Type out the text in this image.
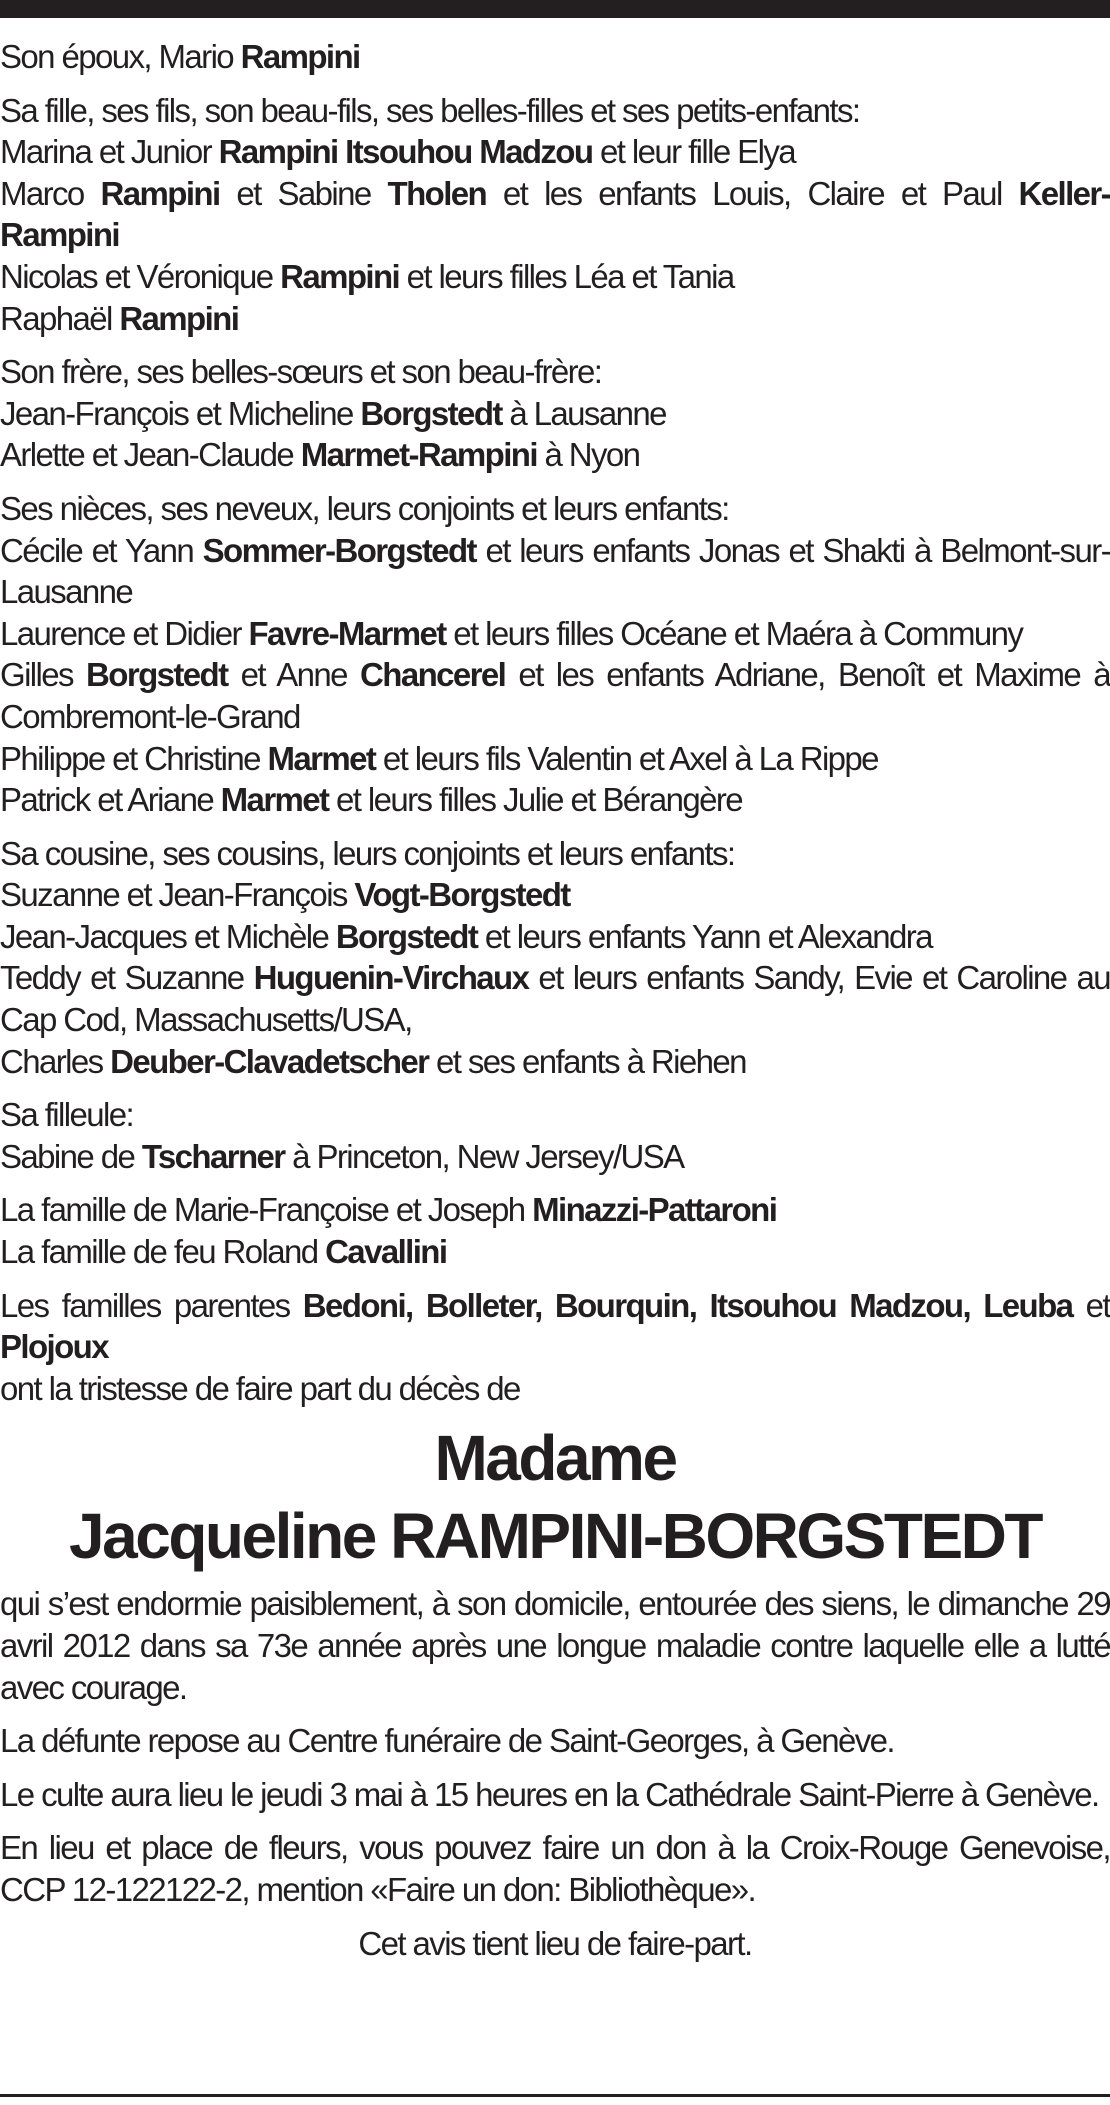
Son époux, Mario Rampini
Sa fille, ses fils, son beau-fils, ses belles-filles et ses petits-enfants:
Marina et Junior Rampini Itsouhou Madzou et leur fille Elya
Marco Rampini et Sabine Tholen et les enfants Louis, Claire et Paul Keller-Rampini
Nicolas et Véronique Rampini et leurs filles Léa et Tania
Raphaël Rampini
Son frère, ses belles-sœurs et son beau-frère:
Jean-François et Micheline Borgstedt à Lausanne
Arlette et Jean-Claude Marmet-Rampini à Nyon
Ses nièces, ses neveux, leurs conjoints et leurs enfants:
Cécile et Yann Sommer-Borgstedt et leurs enfants Jonas et Shakti à Belmont-sur-Lausanne
Laurence et Didier Favre-Marmet et leurs filles Océane et Maéra à Communy
Gilles Borgstedt et Anne Chancerel et les enfants Adriane, Benoît et Maxime à Combremont-le-Grand
Philippe et Christine Marmet et leurs fils Valentin et Axel à La Rippe
Patrick et Ariane Marmet et leurs filles Julie et Bérangère
Sa cousine, ses cousins, leurs conjoints et leurs enfants:
Suzanne et Jean-François Vogt-Borgstedt
Jean-Jacques et Michèle Borgstedt et leurs enfants Yann et Alexandra
Teddy et Suzanne Huguenin-Virchaux et leurs enfants Sandy, Evie et Caroline au Cap Cod, Massachusetts/USA,
Charles Deuber-Clavadetscher et ses enfants à Riehen
Sa filleule:
Sabine de Tscharner à Princeton, New Jersey/USA
La famille de Marie-Françoise et Joseph Minazzi-Pattaroni
La famille de feu Roland Cavallini
Les familles parentes Bedoni, Bolleter, Bourquin, Itsouhou Madzou, Leuba et Plojoux
ont la tristesse de faire part du décès de
Madame
Jacqueline RAMPINI-BORGSTEDT
qui s’est endormie paisiblement, à son domicile, entourée des siens, le dimanche 29 avril 2012 dans sa 73e année après une longue maladie contre laquelle elle a lutté avec courage.
La défunte repose au Centre funéraire de Saint-Georges, à Genève.
Le culte aura lieu le jeudi 3 mai à 15 heures en la Cathédrale Saint-Pierre à Genève.
En lieu et place de fleurs, vous pouvez faire un don à la Croix-Rouge Genevoise, CCP 12-122122-2, mention «Faire un don: Bibliothèque».
Cet avis tient lieu de faire-part.
